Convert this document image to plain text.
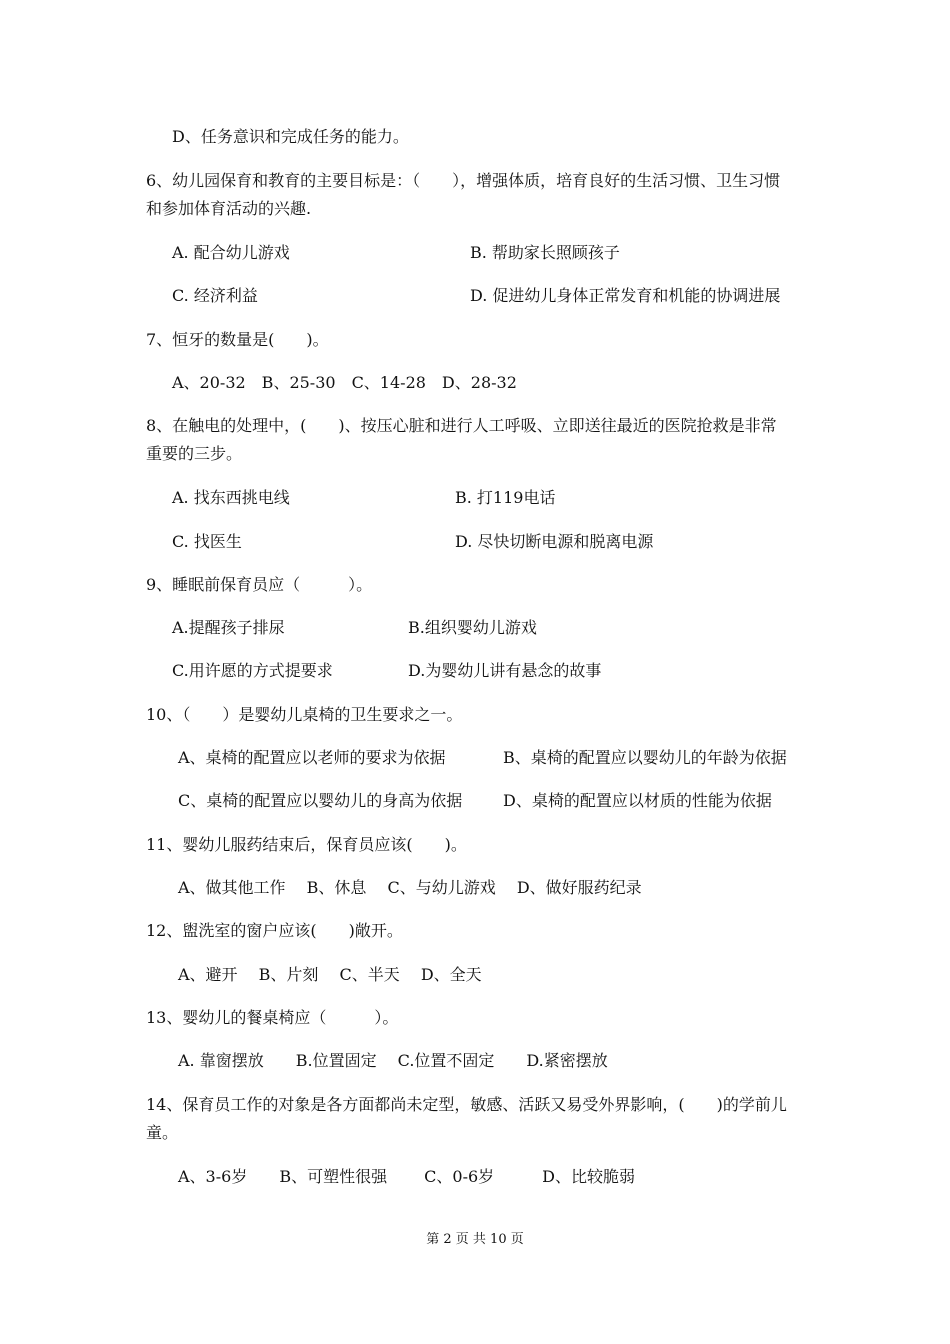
D、任务意识和完成任务的能力。
6、幼儿园保育和教育的主要目标是：（　　），增强体质，培育良好的生活习惯、卫生习惯
和参加体育活动的兴趣.
A. 配合幼儿游戏	B. 帮助家长照顾孩子
C. 经济利益	D. 促进幼儿身体正常发育和机能的协调进展
7、恒牙的数量是(　　)。
A、20-32　B、25-30　C、14-28　D、28-32
8、在触电的处理中，(　　)、按压心脏和进行人工呼吸、立即送往最近的医院抢救是非常
重要的三步。
A. 找东西挑电线	B. 打119电话
C. 找医生	D. 尽快切断电源和脱离电源
9、睡眠前保育员应（　　　）。
A.提醒孩子排尿	B.组织婴幼儿游戏
C.用许愿的方式提要求	D.为婴幼儿讲有悬念的故事
10、（　　）是婴幼儿桌椅的卫生要求之一。
A、桌椅的配置应以老师的要求为依据	B、桌椅的配置应以婴幼儿的年龄为依据
C、桌椅的配置应以婴幼儿的身高为依据	D、桌椅的配置应以材质的性能为依据
11、婴幼儿服药结束后，保育员应该(　　)。
A、做其他工作　 B、休息　 C、与幼儿游戏　 D、做好服药纪录
12、盥洗室的窗户应该(　　)敞开。
A、避开　 B、片刻　 C、半天　 D、全天
13、婴幼儿的餐桌椅应（　　　）。
A. 靠窗摆放　　B.位置固定　 C.位置不固定　　D.紧密摆放
14、保育员工作的对象是各方面都尚未定型，敏感、活跃又易受外界影响，(　　)的学前儿
童。
A、3-6岁　　B、可塑性很强　　 C、0-6岁　　　D、比较脆弱
第 2 页 共 10 页
